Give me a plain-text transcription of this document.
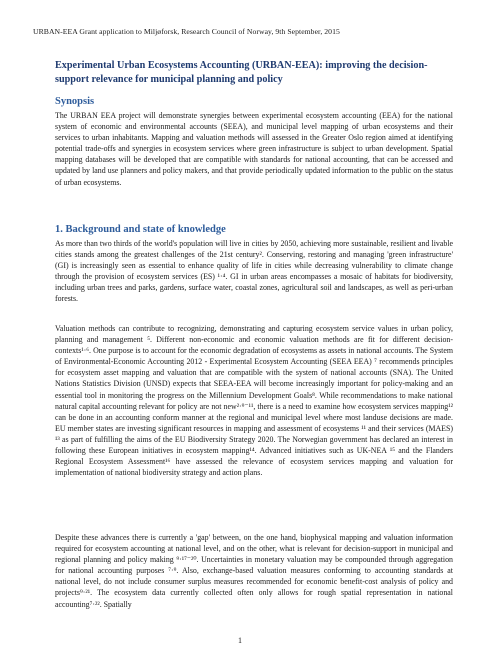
URBAN-EEA Grant application to Miljøforsk, Research Council of Norway, 9th September, 2015
Experimental Urban Ecosystems Accounting (URBAN-EEA): improving the decision-support relevance for municipal planning and policy
Synopsis
The URBAN EEA project will demonstrate synergies between experimental ecosystem accounting (EEA) for the national system of economic and environmental accounts (SEEA), and municipal level mapping of urban ecosystems and their services to urban inhabitants. Mapping and valuation methods will assessed in the Greater Oslo region aimed at identifying potential trade-offs and synergies in ecosystem services where green infrastructure is subject to urban development. Spatial mapping databases will be developed that are compatible with standards for national accounting, that can be accessed and updated by land use planners and policy makers, and that provide periodically updated information to the public on the status of urban ecosystems.
1. Background and state of knowledge
As more than two thirds of the world's population will live in cities by 2050, achieving more sustainable, resilient and livable cities stands among the greatest challenges of the 21st century². Conserving, restoring and managing 'green infrastructure' (GI) is increasingly seen as essential to enhance quality of life in cities while decreasing vulnerability to climate change through the provision of ecosystem services (ES) ¹·⁴. GI in urban areas encompasses a mosaic of habitats for biodiversity, including urban trees and parks, gardens, surface water, coastal zones, agricultural soil and landscapes, as well as peri-urban forests.
Valuation methods can contribute to recognizing, demonstrating and capturing ecosystem service values in urban policy, planning and management ⁵. Different non-economic and economic valuation methods are fit for different decision-contexts¹·⁶. One purpose is to account for the economic degradation of ecosystems as assets in national accounts. The System of Environmental-Economic Accounting 2012 - Experimental Ecosystem Accounting (SEEA EEA) ⁷ recommends principles for ecosystem asset mapping and valuation that are compatible with the system of national accounts (SNA). The United Nations Statistics Division (UNSD) expects that SEEA-EEA will become increasingly important for policy-making and an essential tool in monitoring the progress on the Millennium Development Goals⁸. While recommendations to make national natural capital accounting relevant for policy are not new²·⁹⁻¹¹, there is a need to examine how ecosystem services mapping¹² can be done in an accounting conform manner at the regional and municipal level where most landuse decisions are made. EU member states are investing significant resources in mapping and assessment of ecosystems ¹¹ and their services (MAES) ¹³ as part of fulfilling the aims of the EU Biodiversity Strategy 2020. The Norwegian government has declared an interest in following these European initiatives in ecosystem mapping¹⁴. Advanced initiatives such as UK-NEA ¹⁵ and the Flanders Regional Ecosystem Assessment¹⁶ have assessed the relevance of ecosystem services mapping and valuation for implementation of national biodiversity strategy and action plans.
Despite these advances there is currently a 'gap' between, on the one hand, biophysical mapping and valuation information required for ecosystem accounting at national level, and on the other, what is relevant for decision-support in municipal and regional planning and policy making ⁹·¹⁷⁻²⁰. Uncertainties in monetary valuation may be compounded through aggregation for national accounting purposes ⁷·⁹. Also, exchange-based valuation measures conforming to accounting standards at national level, do not include consumer surplus measures recommended for economic benefit-cost analysis of policy and projects⁹·²¹. The ecosystem data currently collected often only allows for rough spatial representation in national accounting⁷·²². Spatially
1
